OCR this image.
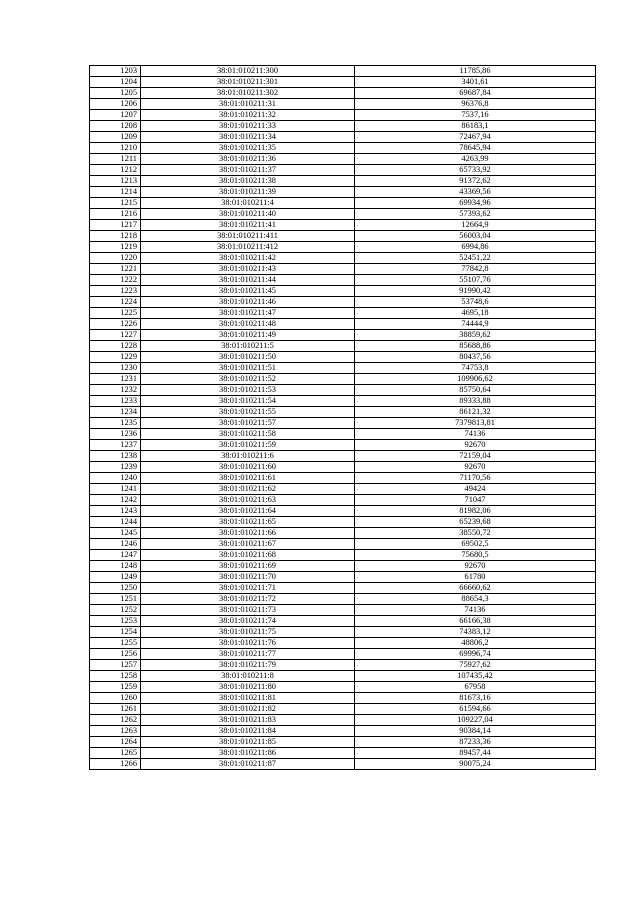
1203	38:01:010211:300	11785,86
1204	38:01:010211:301	3401,61
1205	38:01:010211:302	69687,84
1206	38:01:010211:31	96376,8
1207	38:01:010211:32	7537,16
1208	38:01:010211:33	86183,1
1209	38:01:010211:34	72467,94
1210	38:01:010211:35	78645,94
1211	38:01:010211:36	4263,99
1212	38:01:010211:37	65733,92
1213	38:01:010211:38	91372,62
1214	38:01:010211:39	43369,56
1215	38:01:010211:4	69934,96
1216	38:01:010211:40	57393,62
1217	38:01:010211:41	12664,9
1218	38:01:010211:411	56003,04
1219	38:01:010211:412	6994,86
1220	38:01:010211:42	52451,22
1221	38:01:010211:43	77842,8
1222	38:01:010211:44	55107,76
1223	38:01:010211:45	91990,42
1224	38:01:010211:46	53748,6
1225	38:01:010211:47	4695,18
1226	38:01:010211:48	74444,9
1227	38:01:010211:49	38859,62
1228	38:01:010211:5	85688,86
1229	38:01:010211:50	80437,56
1230	38:01:010211:51	74753,8
1231	38:01:010211:52	109906,62
1232	38:01:010211:53	85750,64
1233	38:01:010211:54	89333,88
1234	38:01:010211:55	86121,32
1235	38:01:010211:57	7379813,81
1236	38:01:010211:58	74136
1237	38:01:010211:59	92670
1238	38:01:010211:6	72159,04
1239	38:01:010211:60	92670
1240	38:01:010211:61	71170,56
1241	38:01:010211:62	49424
1242	38:01:010211:63	71047
1243	38:01:010211:64	81982,06
1244	38:01:010211:65	65239,68
1245	38:01:010211:66	38550,72
1246	38:01:010211:67	69502,5
1247	38:01:010211:68	75680,5
1248	38:01:010211:69	92670
1249	38:01:010211:70	61780
1250	38:01:010211:71	66660,62
1251	38:01:010211:72	88654,3
1252	38:01:010211:73	74136
1253	38:01:010211:74	66166,38
1254	38:01:010211:75	74383,12
1255	38:01:010211:76	48806,2
1256	38:01:010211:77	69996,74
1257	38:01:010211:79	75927,62
1258	38:01:010211:8	107435,42
1259	38:01:010211:80	67958
1260	38:01:010211:81	81673,16
1261	38:01:010211:82	61594,66
1262	38:01:010211:83	109227,04
1263	38:01:010211:84	90384,14
1264	38:01:010211:85	87233,36
1265	38:01:010211:86	89457,44
1266	38:01:010211:87	90075,24
